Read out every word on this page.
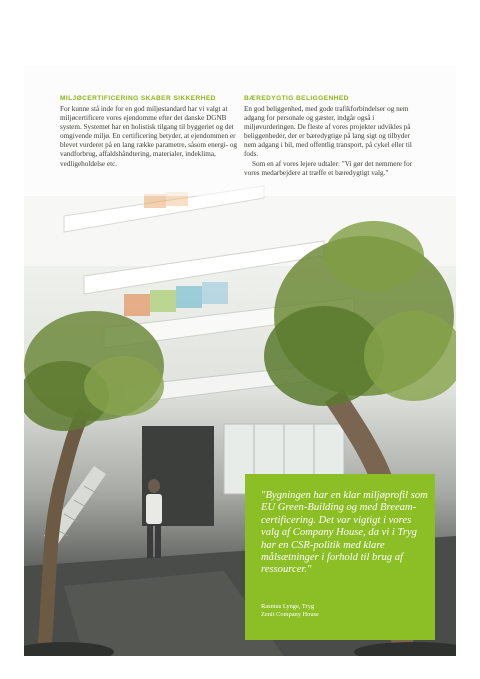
MILJØCERTIFICERING SKABER SIKKERHED

For kunne stå inde for en god miljøstandard har vi valgt at miljøcertificere vores ejendomme efter det danske DGNB system. Systemet har en holistisk tilgang til byggeriet og det omgivende miljø. En certificering betyder, at ejendommen er blevet vurderet på en lang række parametre, såsom energi- og vandforbrug, affaldshåndtering, materialer, indeklima, vedligeholdelse etc.

BÆREDYGTIG BELIGGENHED

En god beliggenhed, med gode trafikforbindelser og nem adgang for personale og gæster, indgår også i miljøvurderingen. De fleste af vores projekter udvikles på beliggenheder, der er bæredygtige på lang sigt og tilbyder nem adgang i bil, med offentlig transport, på cykel eller til fods.

Som en af vores lejere udtaler: "Vi gør det nemmere for vores medarbejdere at træffe et bæredygtigt valg."

"Bygningen har en klar miljøprofil som EU Green-Building og med Breeam-certificering. Det var vigtigt i vores valg af Company House, da vi i Tryg har en CSR-politik med klare målsætninger i forhold til brug af ressourcer."

Rasmus Lynge, Tryg
Zenit Company House
